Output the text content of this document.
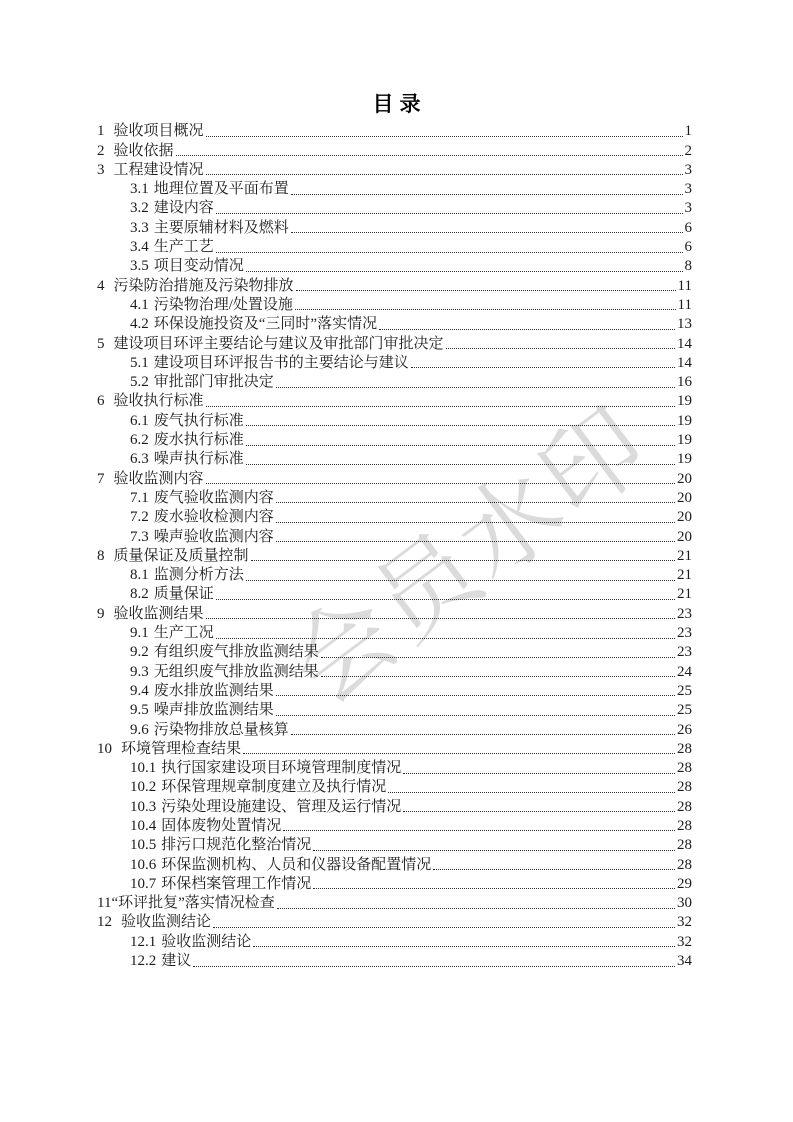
会员水印
目录
1 验收项目概况	1
2 验收依据	2
3 工程建设情况	3
3.1 地理位置及平面布置	3
3.2 建设内容	3
3.3 主要原辅材料及燃料	6
3.4 生产工艺	6
3.5 项目变动情况	8
4 污染防治措施及污染物排放	11
4.1 污染物治理/处置设施	11
4.2 环保设施投资及“三同时”落实情况	13
5 建设项目环评主要结论与建议及审批部门审批决定	14
5.1 建设项目环评报告书的主要结论与建议	14
5.2 审批部门审批决定	16
6 验收执行标准	19
6.1 废气执行标准	19
6.2 废水执行标准	19
6.3 噪声执行标准	19
7 验收监测内容	20
7.1 废气验收监测内容	20
7.2 废水验收检测内容	20
7.3 噪声验收监测内容	20
8 质量保证及质量控制	21
8.1 监测分析方法	21
8.2 质量保证	21
9 验收监测结果	23
9.1 生产工况	23
9.2 有组织废气排放监测结果	23
9.3 无组织废气排放监测结果	24
9.4 废水排放监测结果	25
9.5 噪声排放监测结果	25
9.6 污染物排放总量核算	26
10 环境管理检查结果	28
10.1 执行国家建设项目环境管理制度情况	28
10.2 环保管理规章制度建立及执行情况	28
10.3 污染处理设施建设、管理及运行情况	28
10.4 固体废物处置情况	28
10.5 排污口规范化整治情况	28
10.6 环保监测机构、人员和仪器设备配置情况	28
10.7 环保档案管理工作情况	29
11 “环评批复”落实情况检查	30
12 验收监测结论	32
12.1 验收监测结论	32
12.2 建议	34
